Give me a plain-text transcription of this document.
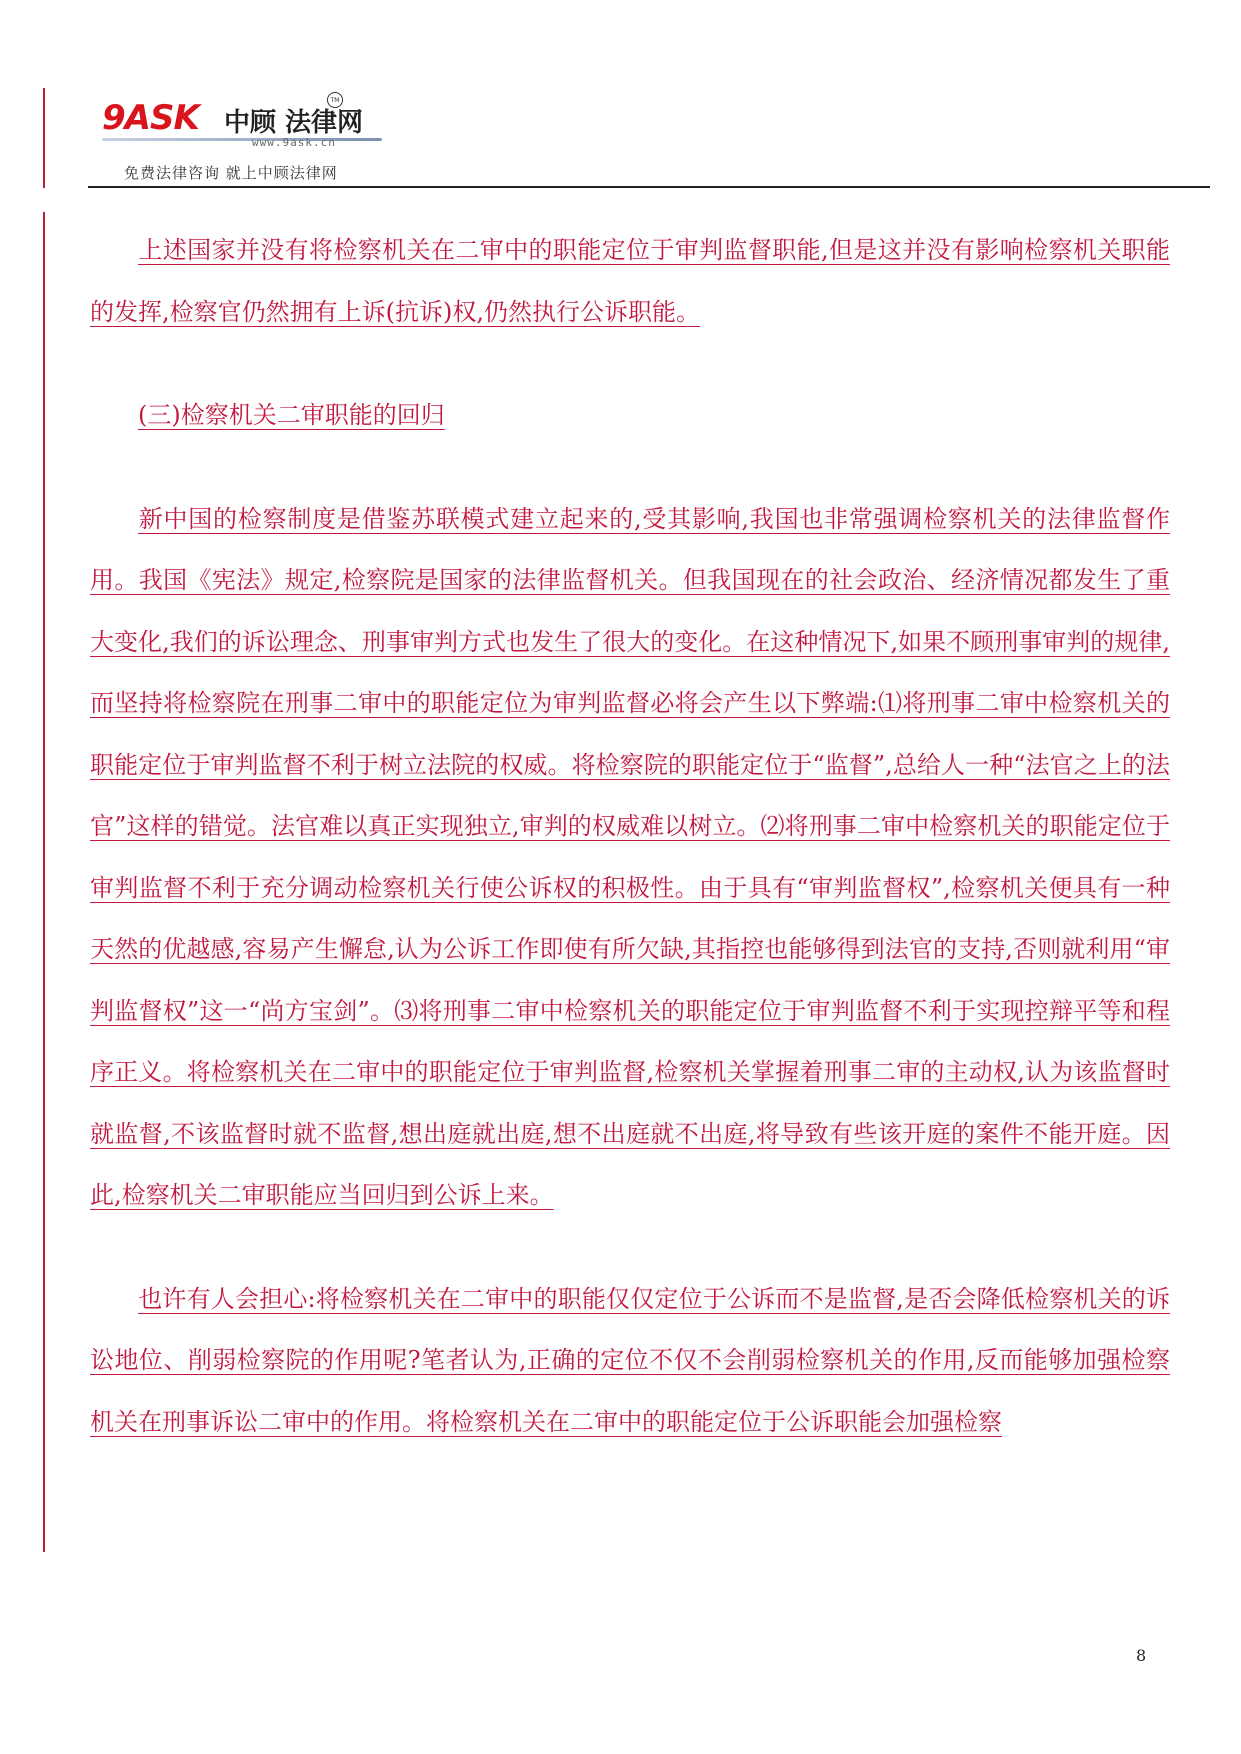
9ASK 中顾 法律网
TM
www.9ask.cn
免费法律咨询 就上中顾法律网

上述国家并没有将检察机关在二审中的职能定位于审判监督职能,但是这并没有影响检察机关职能的发挥,检察官仍然拥有上诉(抗诉)权,仍然执行公诉职能。

(三)检察机关二审职能的回归

新中国的检察制度是借鉴苏联模式建立起来的,受其影响,我国也非常强调检察机关的法律监督作用。我国《宪法》规定,检察院是国家的法律监督机关。但我国现在的社会政治、经济情况都发生了重大变化,我们的诉讼理念、刑事审判方式也发生了很大的变化。在这种情况下,如果不顾刑事审判的规律,而坚持将检察院在刑事二审中的职能定位为审判监督必将会产生以下弊端:⑴将刑事二审中检察机关的职能定位于审判监督不利于树立法院的权威。将检察院的职能定位于“监督”,总给人一种“法官之上的法官”这样的错觉。法官难以真正实现独立,审判的权威难以树立。⑵将刑事二审中检察机关的职能定位于审判监督不利于充分调动检察机关行使公诉权的积极性。由于具有“审判监督权”,检察机关便具有一种天然的优越感,容易产生懈怠,认为公诉工作即使有所欠缺,其指控也能够得到法官的支持,否则就利用“审判监督权”这一“尚方宝剑”。⑶将刑事二审中检察机关的职能定位于审判监督不利于实现控辩平等和程序正义。将检察机关在二审中的职能定位于审判监督,检察机关掌握着刑事二审的主动权,认为该监督时就监督,不该监督时就不监督,想出庭就出庭,想不出庭就不出庭,将导致有些该开庭的案件不能开庭。因此,检察机关二审职能应当回归到公诉上来。

也许有人会担心:将检察机关在二审中的职能仅仅定位于公诉而不是监督,是否会降低检察机关的诉讼地位、削弱检察院的作用呢?笔者认为,正确的定位不仅不会削弱检察机关的作用,反而能够加强检察机关在刑事诉讼二审中的作用。将检察机关在二审中的职能定位于公诉职能会加强检察

8
